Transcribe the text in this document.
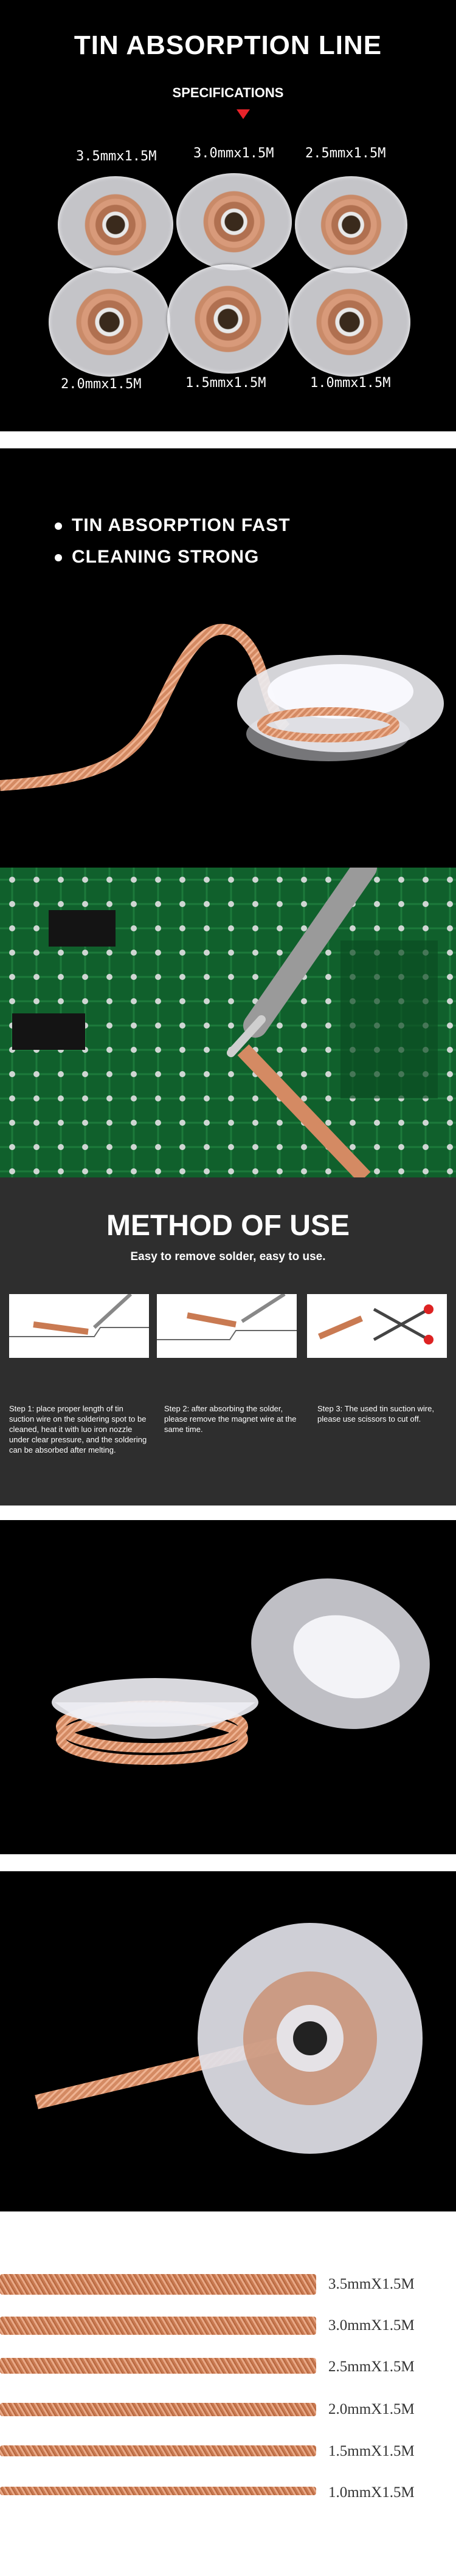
TIN ABSORPTION LINE
SPECIFICATIONS
3.5mmx1.5M	3.0mmx1.5M 2.5mmx1.5M
2.0mmx1.5M	1.5mmx1.5M	1.0mmx1.5M
TIN ABSORPTION FAST
CLEANING STRONG
METHOD OF USE
Easy to remove solder, easy to use.
Step 1: place proper length of tin suction wire on the soldering spot to be cleaned, heat it with luo iron nozzle under clear pressure, and the soldering can be absorbed after melting.
Step 2: after absorbing the solder, please remove the magnet wire at the same time.
Step 3: The used tin suction wire, please use scissors to cut off.
3.5mmX1.5M
3.0mmX1.5M
2.5mmX1.5M
2.0mmX1.5M
1.5mmX1.5M
1.0mmX1.5M
